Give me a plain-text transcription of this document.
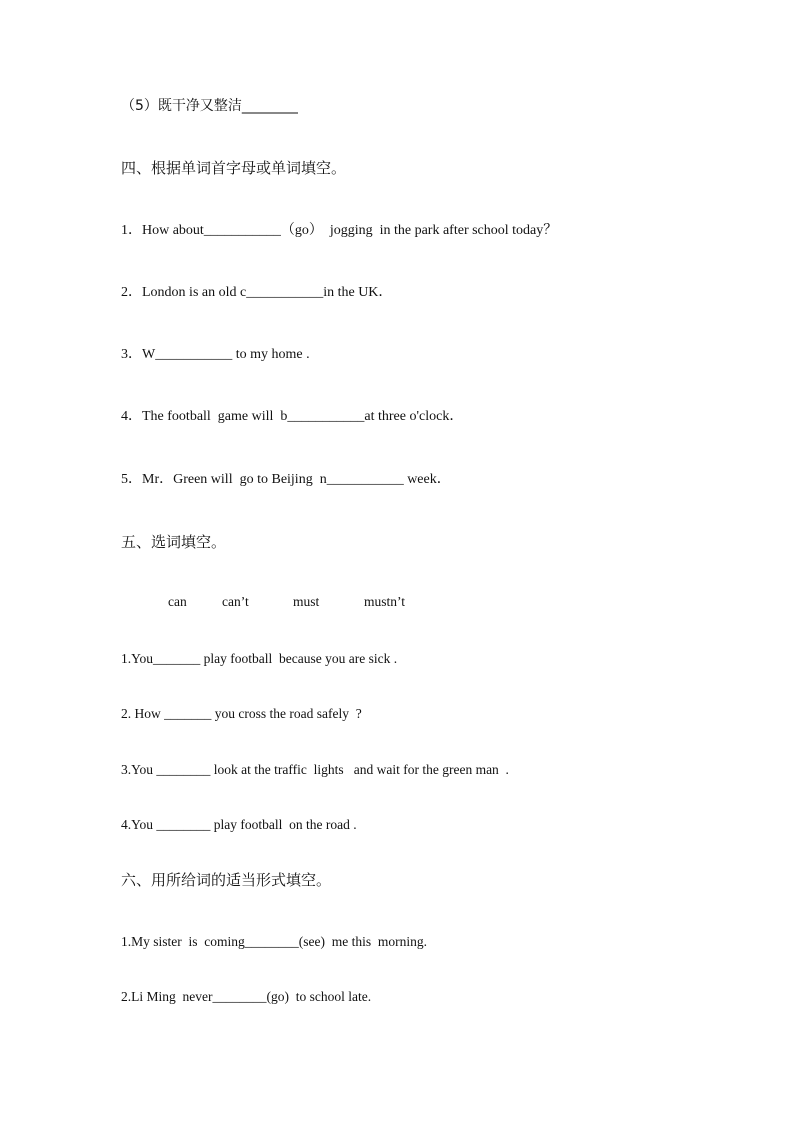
（5）既干净又整洁________
四、根据单词首字母或单词填空。
1．How about___________（go）  jogging  in the park after school today？
2．London is an old c___________in the UK．
3．W___________ to my home .
4．The football  game will  b___________at three o'clock．
5．Mr．Green will  go to Beijing  n___________ week．
五、选词填空。
can	can’t	must	mustn’t
1.You_______ play football  because you are sick .
2. How _______ you cross the road safely  ?
3.You ________ look at the traffic  lights   and wait for the green man  .
4.You ________ play football  on the road .
六、用所给词的适当形式填空。
1.My sister  is  coming________(see)  me this  morning.
2.Li Ming  never________(go)  to school late.
